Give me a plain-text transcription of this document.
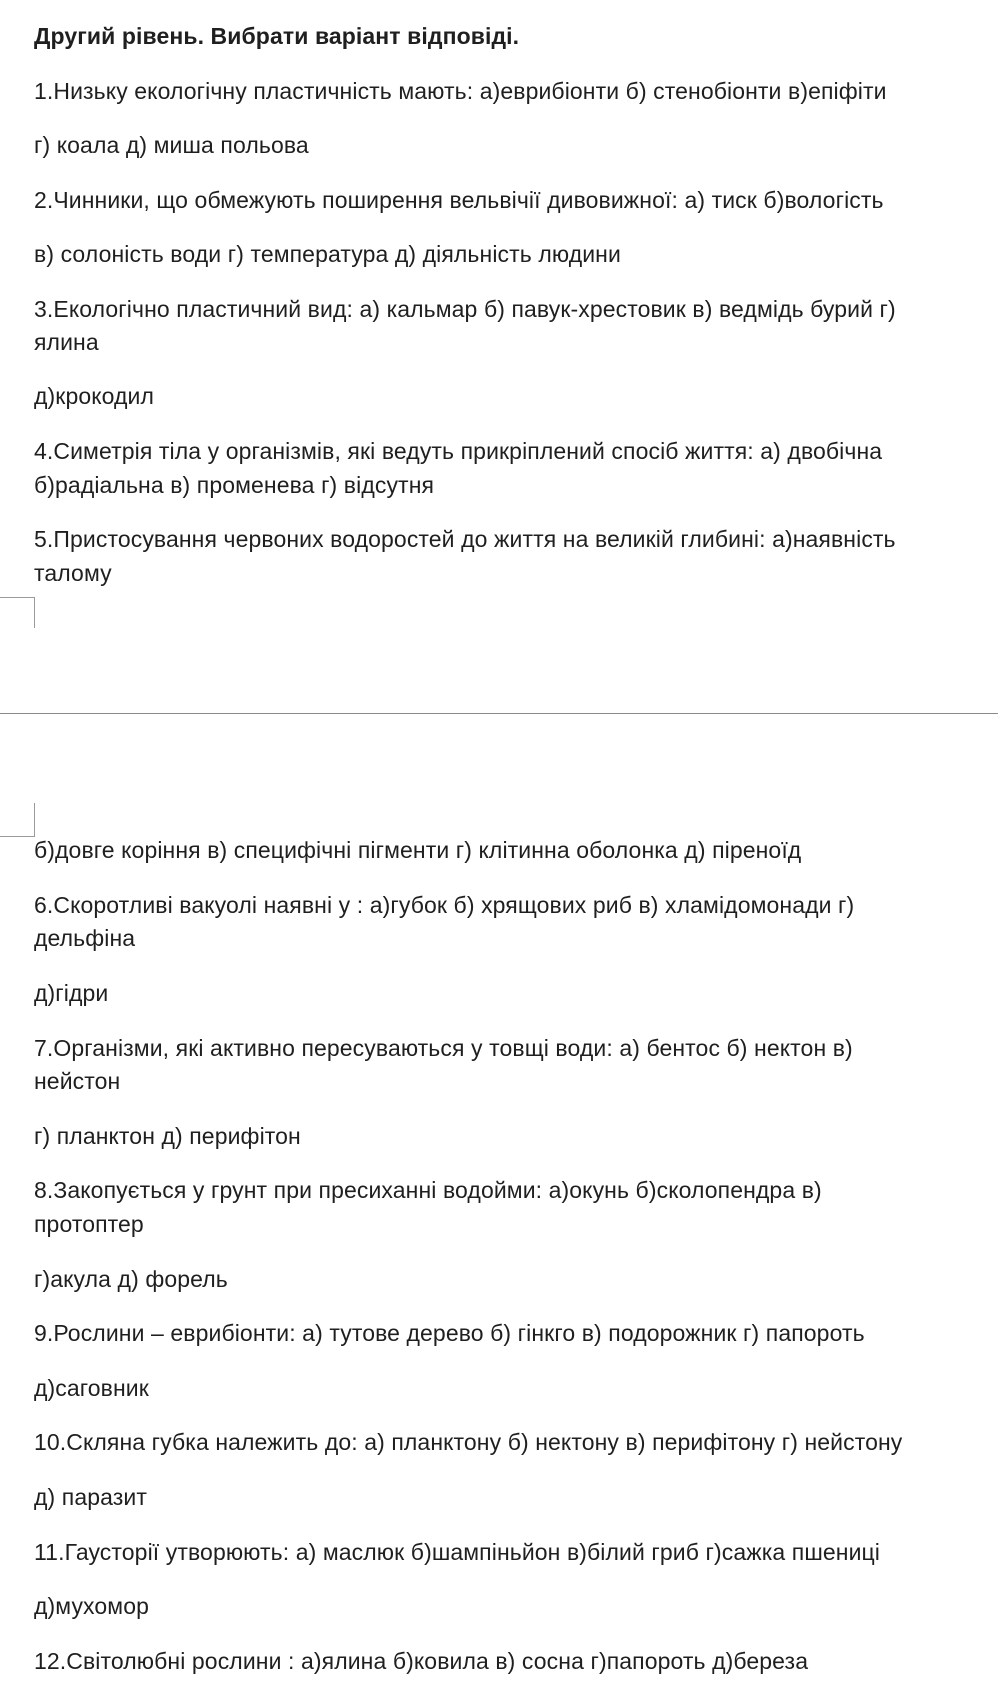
Другий рівень. Вибрати варіант відповіді.
1.Низьку екологічну пластичність мають: а)еврибіонти б) стенобіонти в)епіфіти
г) коала д) миша польова
2.Чинники, що обмежують поширення вельвічії дивовижної: а) тиск б)вологість
в) солоність води г) температура д) діяльність людини
3.Екологічно пластичний вид: а) кальмар б) павук-хрестовик в) ведмідь бурий г)
ялина
д)крокодил
4.Симетрія тіла у організмів, які ведуть прикріплений спосіб життя: а) двобічна
б)радіальна в) променева г) відсутня
5.Пристосування червоних водоростей до життя на великій глибині: а)наявність
талому
б)довге коріння в) специфічні пігменти г) клітинна оболонка д) піреноїд
6.Скоротливі вакуолі наявні у : а)губок б) хрящових риб в) хламідомонади г)
дельфіна
д)гідри
7.Організми, які активно пересуваються у товщі води: а) бентос б) нектон в)
нейстон
г) планктон д) перифітон
8.Закопується у грунт при пресиханні водойми: а)окунь б)сколопендра в)
протоптер
г)акула д) форель
9.Рослини – еврибіонти: а) тутове дерево б) гінкго в) подорожник г) папороть
д)саговник
10.Скляна губка належить до: а) планктону б) нектону в) перифітону г) нейстону
д) паразит
11.Гаусторії утворюють: а) маслюк б)шампіньйон в)білий гриб г)сажка пшениці
д)мухомор
12.Світолюбні рослини : а)ялина б)ковила в) сосна г)папороть д)береза
